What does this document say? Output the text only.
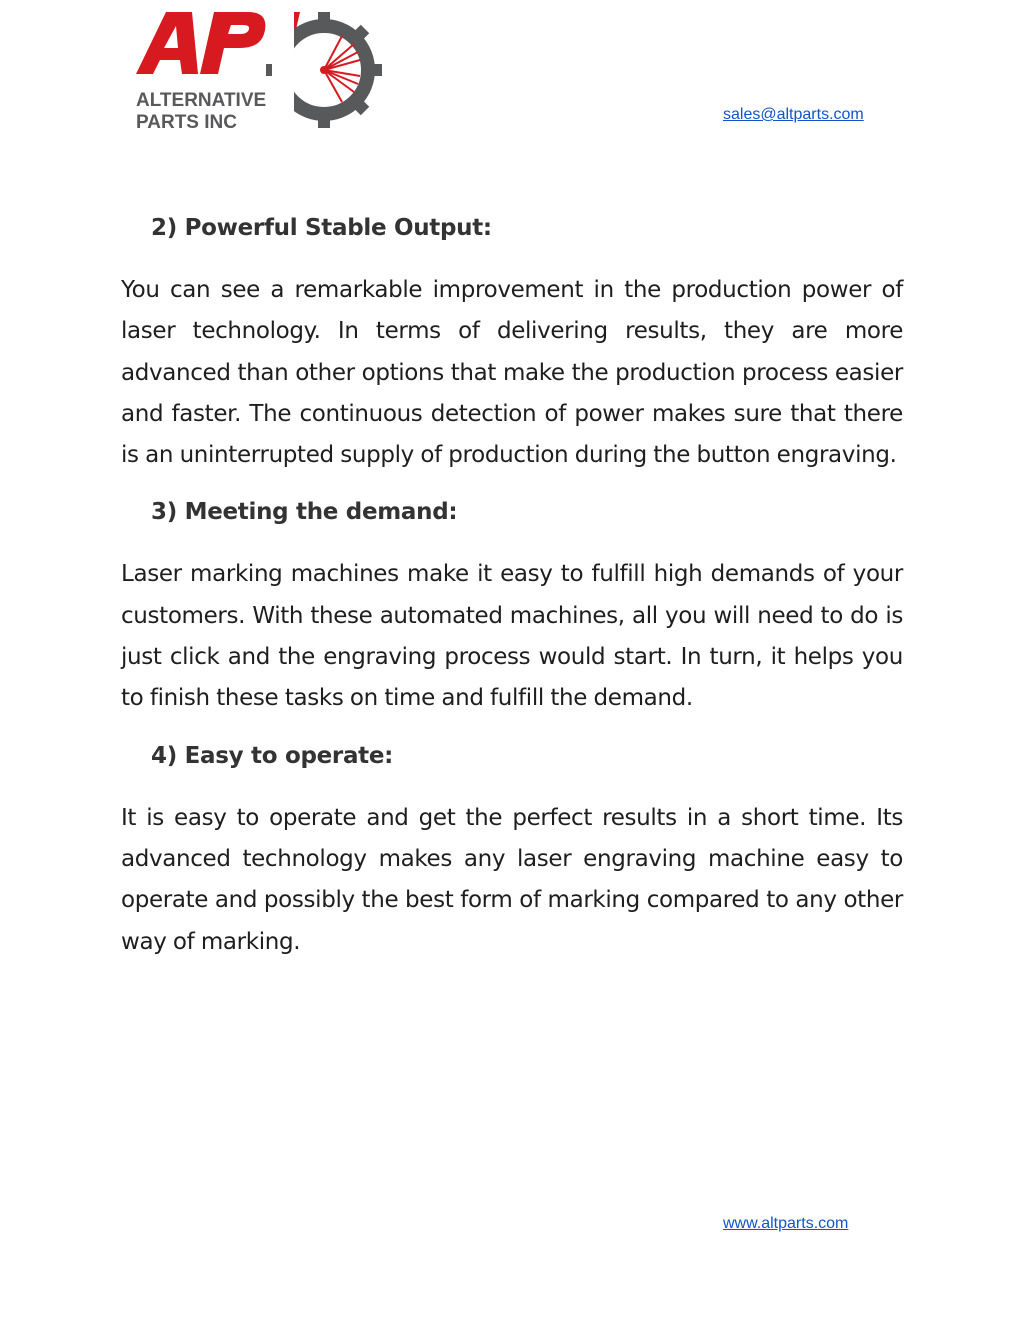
ALTERNATIVE
PARTS INC
API
sales@altparts.com
2) Powerful Stable Output:

You can see a remarkable improvement in the production power of laser technology. In terms of delivering results, they are more advanced than other options that make the production process easier and faster. The continuous detection of power makes sure that there is an uninterrupted supply of production during the button engraving.

3) Meeting the demand:

Laser marking machines make it easy to fulfill high demands of your customers. With these automated machines, all you will need to do is just click and the engraving process would start. In turn, it helps you to finish these tasks on time and fulfill the demand.

4) Easy to operate:

It is easy to operate and get the perfect results in a short time. Its advanced technology makes any laser engraving machine easy to operate and possibly the best form of marking compared to any other way of marking.

www.altparts.com
